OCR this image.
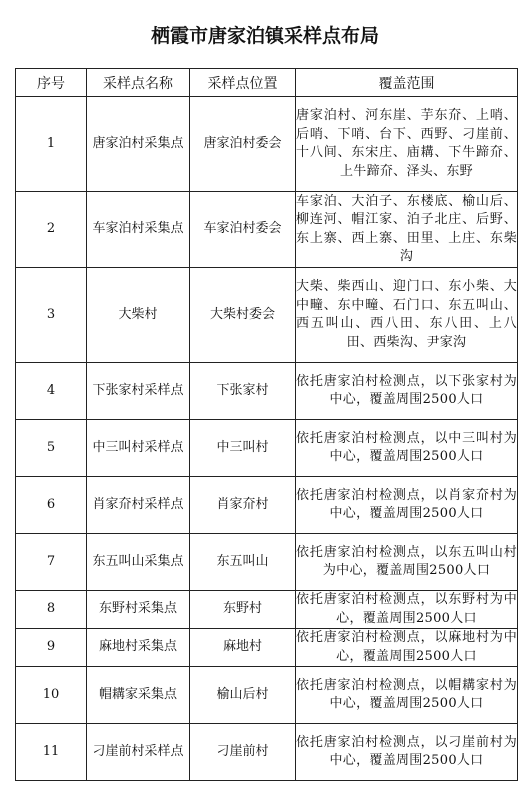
栖霞市唐家泊镇采样点布局
序号	采样点名称	采样点位置	覆盖范围
1	唐家泊村采集点	唐家泊村委会	唐家泊村、河东崖、芋东夼、上哨、后哨、下哨、台下、西野、刁崖前、十八间、东宋庄、庙耩、下牛蹄夼、上牛蹄夼、泽头、东野
2	车家泊村采集点	车家泊村委会	车家泊、大泊子、东楼底、榆山后、柳连河、帽江家、泊子北庄、后野、东上寨、西上寨、田里、上庄、东柴沟
3	大柴村	大柴村委会	大柴、柴西山、迎门口、东小柴、大中疃、东中疃、石门口、东五叫山、西五叫山、西八田、东八田、上八田、西柴沟、尹家沟
4	下张家村采样点	下张家村	依托唐家泊村检测点，以下张家村为中心，覆盖周围2500人口
5	中三叫村采样点	中三叫村	依托唐家泊村检测点，以中三叫村为中心，覆盖周围2500人口
6	肖家夼村采样点	肖家夼村	依托唐家泊村检测点，以肖家夼村为中心，覆盖周围2500人口
7	东五叫山采集点	东五叫山	依托唐家泊村检测点，以东五叫山村为中心，覆盖周围2500人口
8	东野村采集点	东野村	依托唐家泊村检测点，以东野村为中心，覆盖周围2500人口
9	麻地村采集点	麻地村	依托唐家泊村检测点，以麻地村为中心，覆盖周围2500人口
10	帽耩家采集点	榆山后村	依托唐家泊村检测点，以帽耩家村为中心，覆盖周围2500人口
11	刁崖前村采样点	刁崖前村	依托唐家泊村检测点，以刁崖前村为中心，覆盖周围2500人口
